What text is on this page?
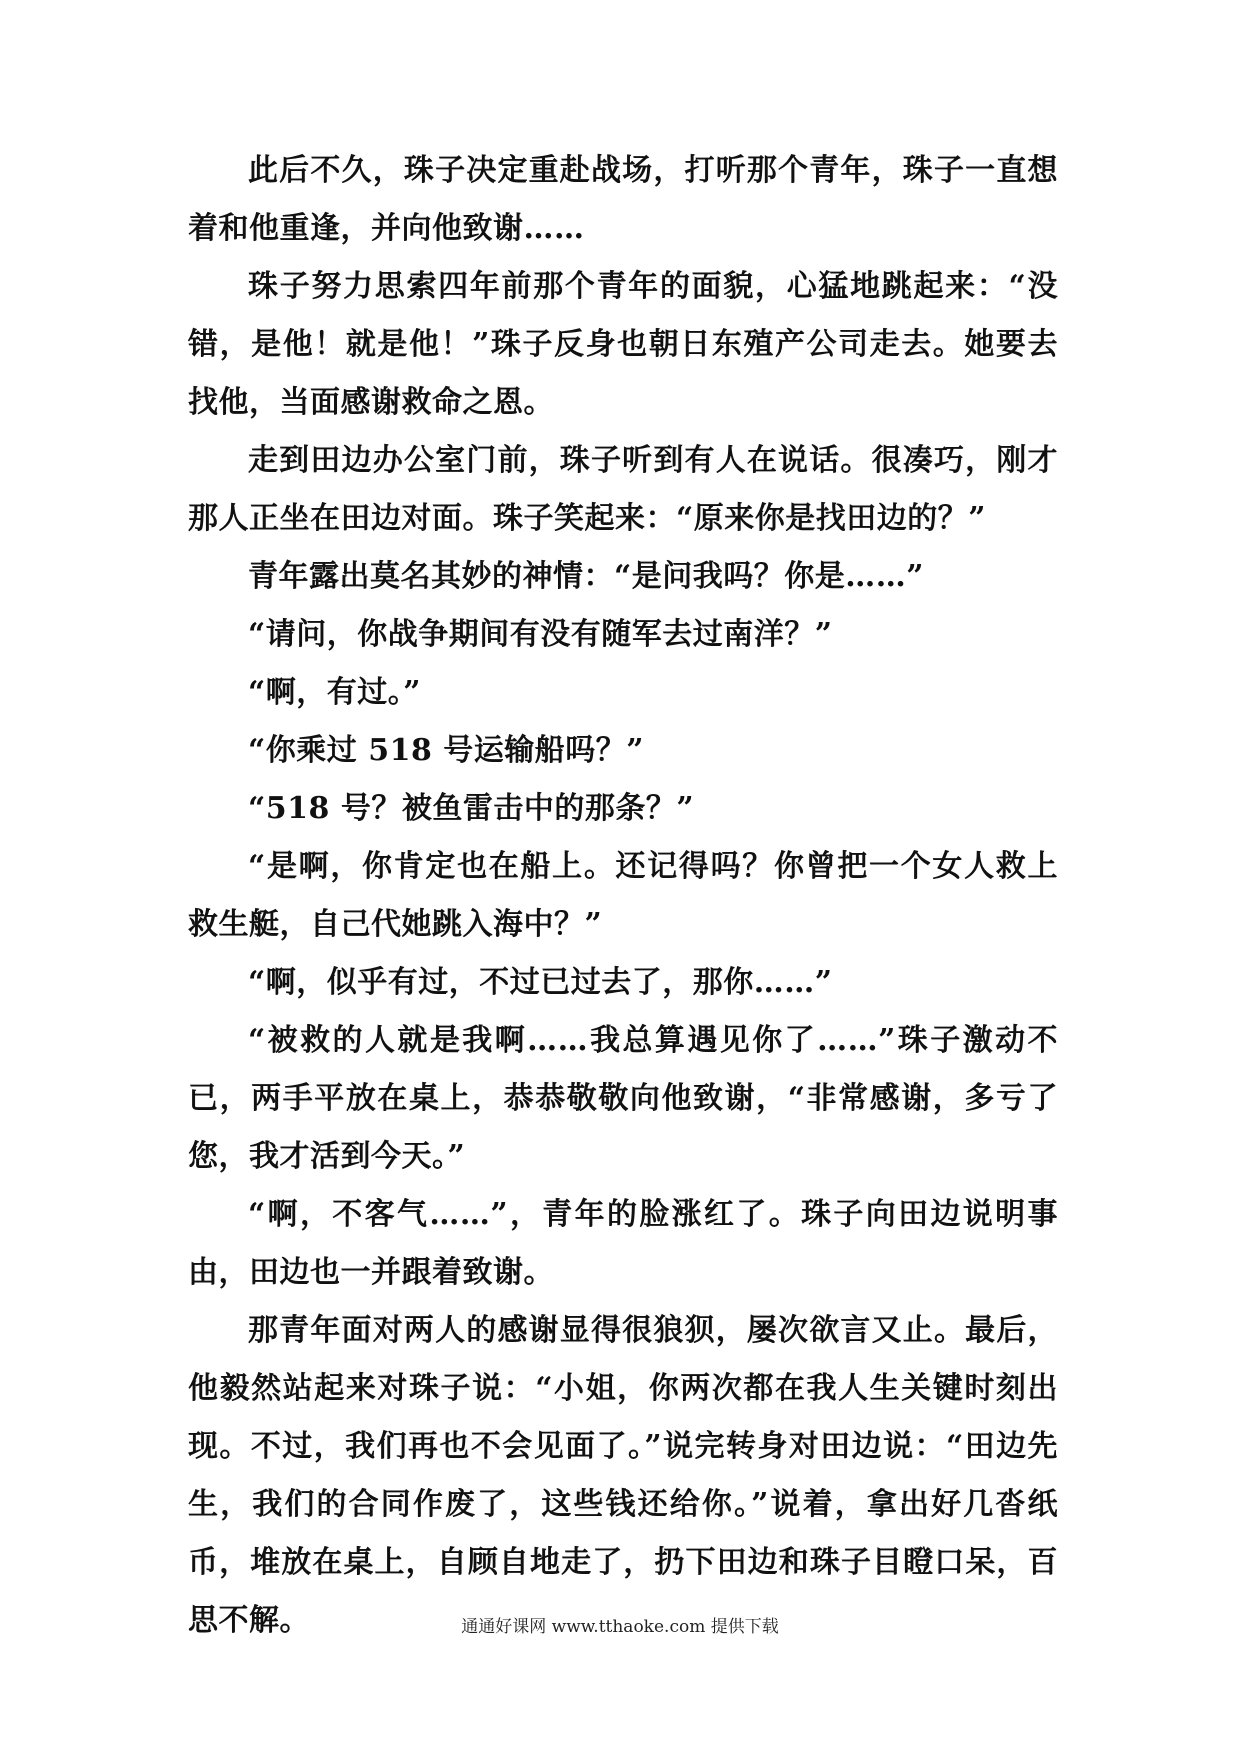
此后不久，珠子决定重赴战场，打听那个青年，珠子一直想着和他重逢，并向他致谢……

珠子努力思索四年前那个青年的面貌，心猛地跳起来：“没错，是他！就是他！”珠子反身也朝日东殖产公司走去。她要去找他，当面感谢救命之恩。

走到田边办公室门前，珠子听到有人在说话。很凑巧，刚才那人正坐在田边对面。珠子笑起来：“原来你是找田边的？”

青年露出莫名其妙的神情：“是问我吗？你是……”

“请问，你战争期间有没有随军去过南洋？”

“啊，有过。”

“你乘过 518 号运输船吗？”

“518 号？被鱼雷击中的那条？”

“是啊，你肯定也在船上。还记得吗？你曾把一个女人救上救生艇，自己代她跳入海中？”

“啊，似乎有过，不过已过去了，那你……”

“被救的人就是我啊……我总算遇见你了……”珠子激动不已，两手平放在桌上，恭恭敬敬向他致谢，“非常感谢，多亏了您，我才活到今天。”

“啊，不客气……”，青年的脸涨红了。珠子向田边说明事由，田边也一并跟着致谢。

那青年面对两人的感谢显得很狼狈，屡次欲言又止。最后，他毅然站起来对珠子说：“小姐，你两次都在我人生关键时刻出现。不过，我们再也不会见面了。”说完转身对田边说：“田边先生，我们的合同作废了，这些钱还给你。”说着，拿出好几沓纸币，堆放在桌上，自顾自地走了，扔下田边和珠子目瞪口呆，百思不解。	通通好课网 www.tthaoke.com 提供下载
